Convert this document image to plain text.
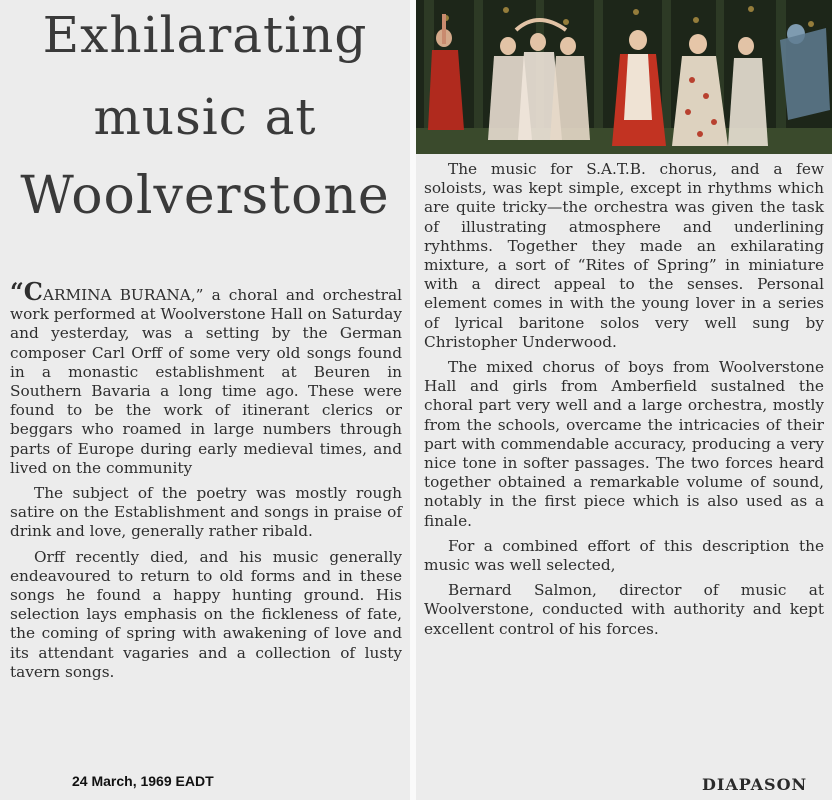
Exhilarating
music at
Woolverstone

“CARMINA BURANA,” a choral and orchestral work performed at Woolverstone Hall on Saturday and yesterday, was a setting by the German composer Carl Orff of some very old songs found in a monastic establishment at Beuren in Southern Bavaria a long time ago. These were found to be the work of itinerant clerics or beggars who roamed in large numbers through parts of Europe during early medieval times, and lived on the community

The subject of the poetry was mostly rough satire on the Establishment and songs in praise of drink and love, generally rather ribald.

Orff recently died, and his music generally endeavoured to return to old forms and in these songs he found a happy hunting ground. His selection lays emphasis on the fickleness of fate, the coming of spring with awakening of love and its attendant vagaries and a collection of lusty tavern songs.

24 March, 1969 EADT

The music for S.A.T.B. chorus, and a few soloists, was kept simple, except in rhythms which are quite tricky—the orchestra was given the task of illustrating atmosphere and underlining ryhthms. Together they made an exhilarating mixture, a sort of “Rites of Spring” in miniature with a direct appeal to the senses. Personal element comes in with the young lover in a series of lyrical baritone solos very well sung by Christopher Underwood.

The mixed chorus of boys from Woolverstone Hall and girls from Amberfield sustalned the choral part very well and a large orchestra, mostly from the schools, overcame the intricacies of their part with commendable accuracy, producing a very nice tone in softer passages. The two forces heard together obtained a remarkable volume of sound, notably in the first piece which is also used as a finale.

For a combined effort of this description the music was well selected,

Bernard Salmon, director of music at Woolverstone, conducted with authority and kept excellent control of his forces.

DIAPASON
